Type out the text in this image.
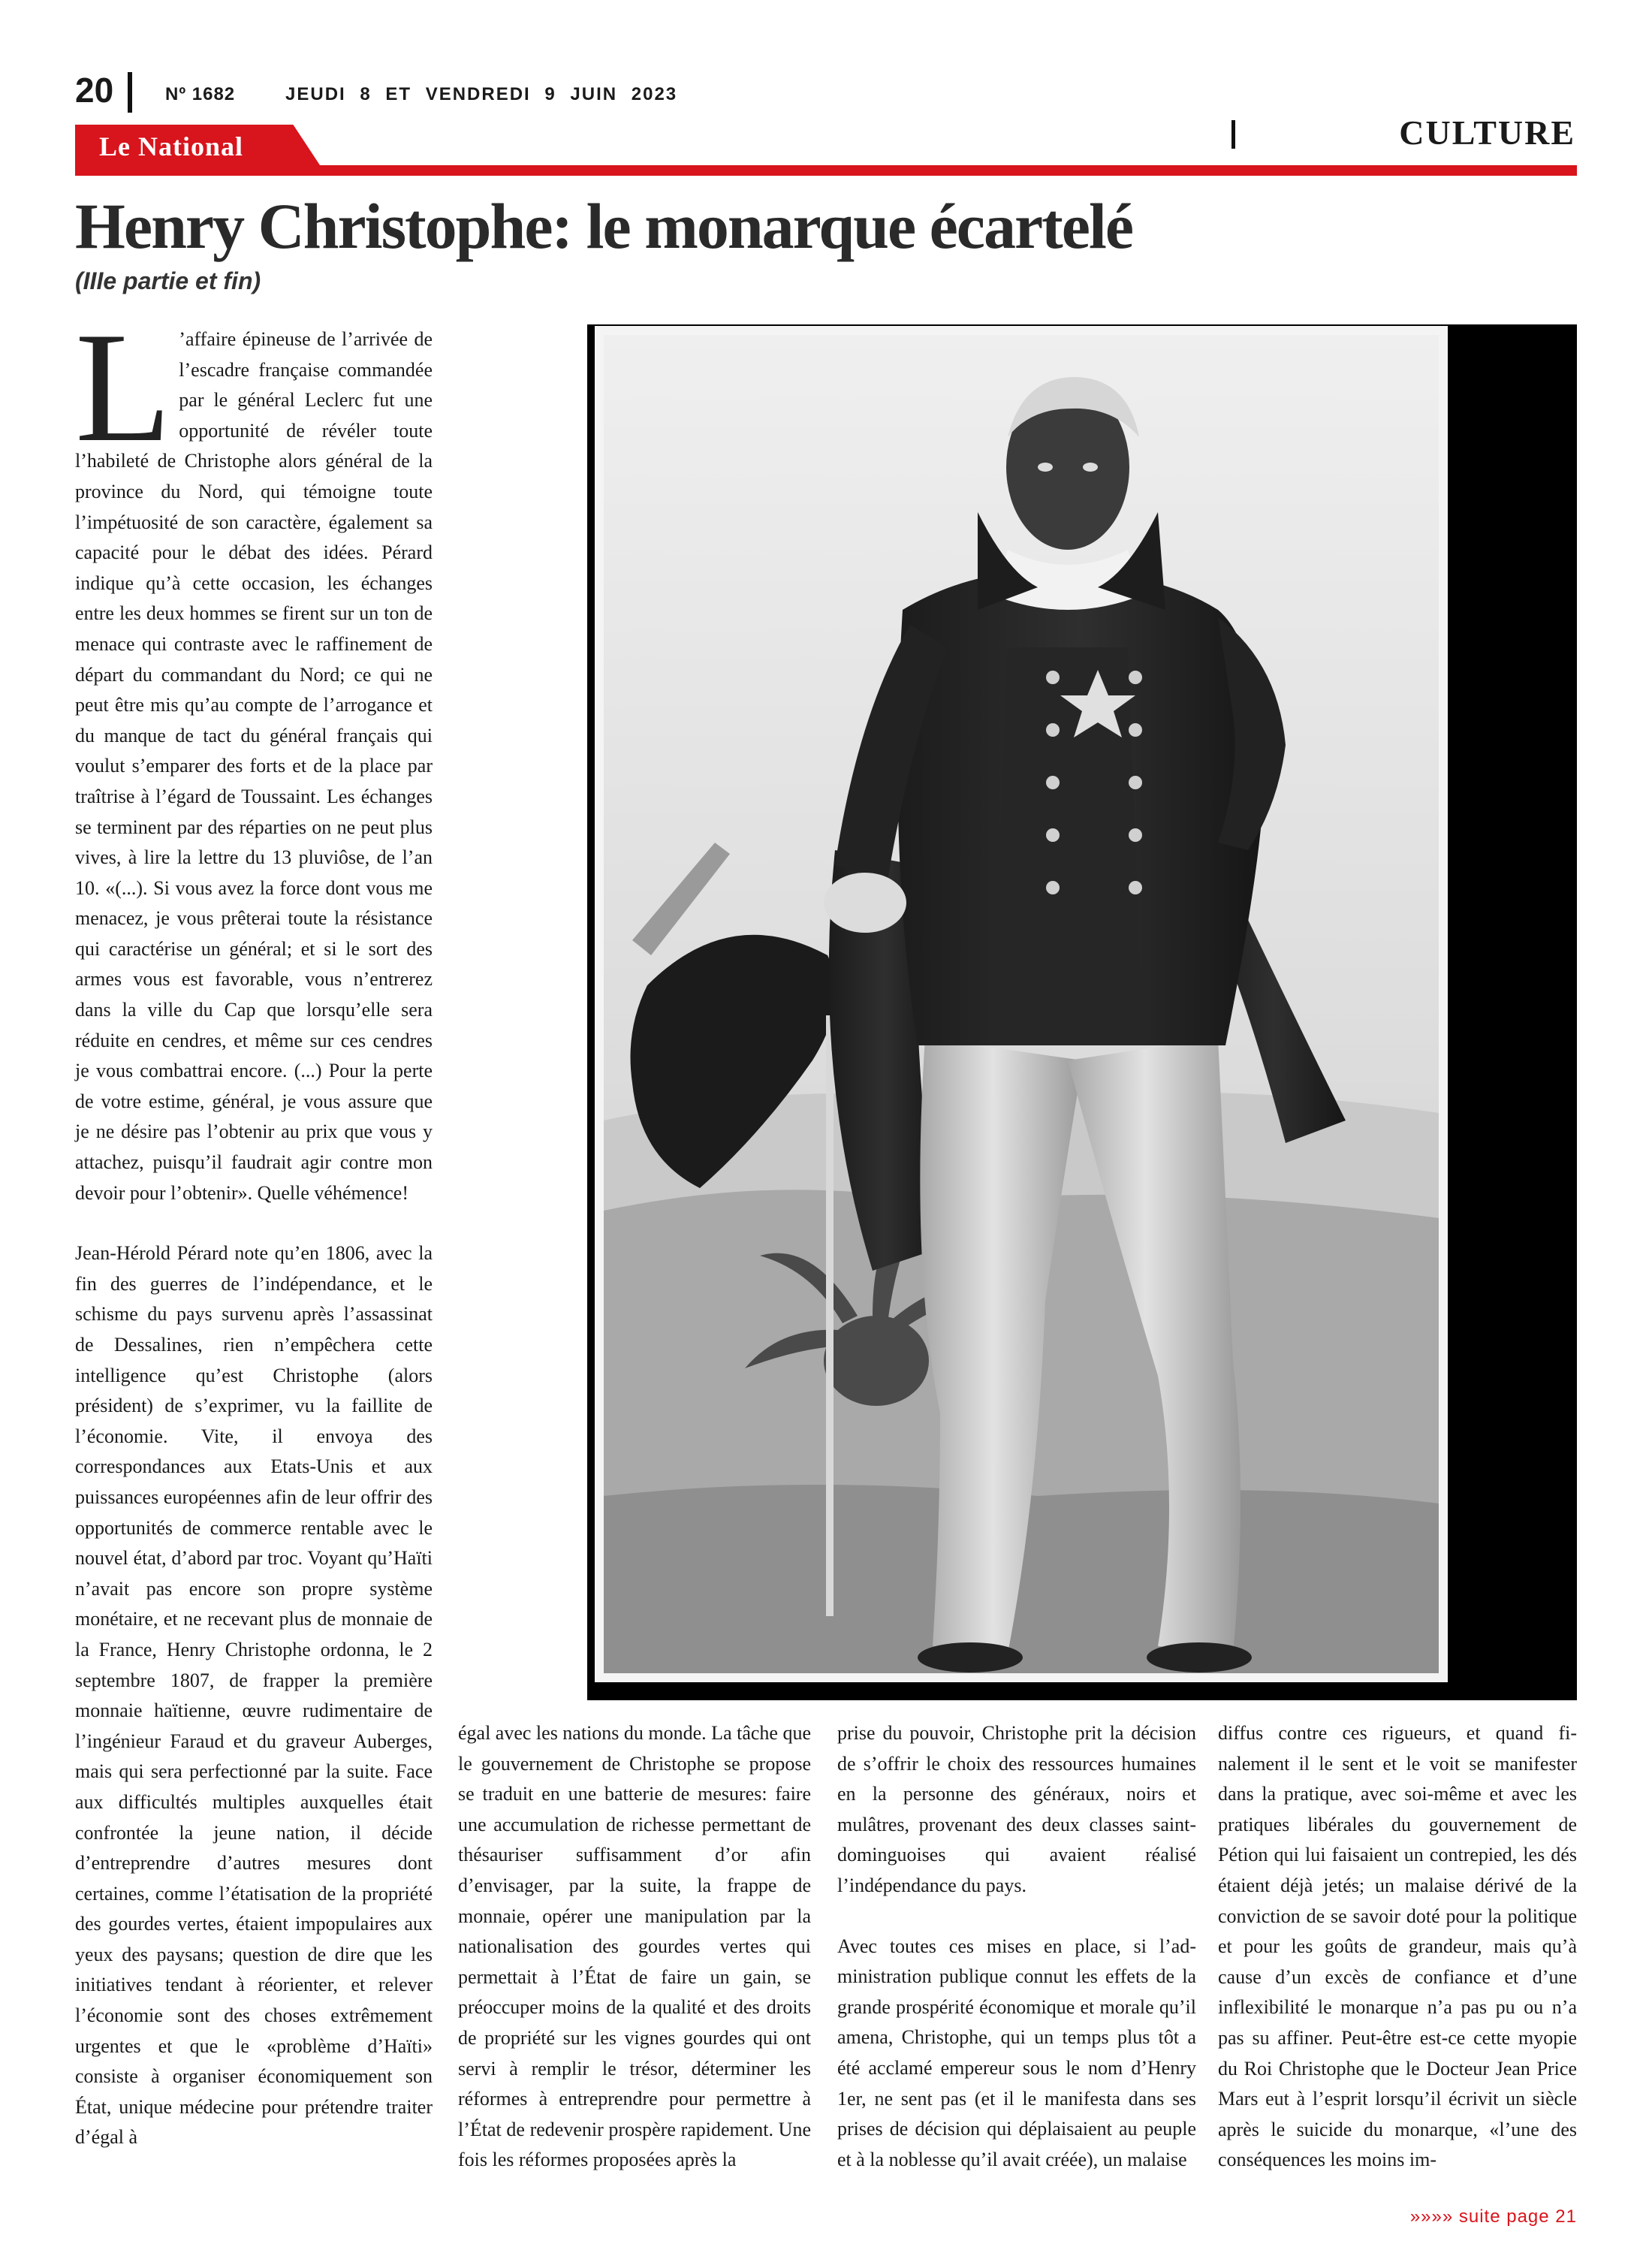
20	Nº 1682	JEUDI 8 ET VENDREDI 9 JUIN 2023
CULTURE
Le National
Henry Christophe: le monarque écartelé
(IIIe partie et fin)

L ’affaire épineuse de l’arrivée de l’escadre française commandée par le général Leclerc fut une opportunité de révéler toute l’habileté de Christophe alors général de la province du Nord, qui témoigne toute l’impétuosité de son caractère, également sa capacité pour le débat des idées. Pérard indique qu’à cette occasion, les échanges entre les deux hommes se firent sur un ton de menace qui contraste avec le raffinement de départ du commandant du Nord; ce qui ne peut être mis qu’au compte de l’arrogance et du manque de tact du général français qui voulut s’emparer des forts et de la place par traîtrise à l’égard de Toussaint. Les échanges se terminent par des réparties on ne peut plus vives, à lire la lettre du 13 pluviôse, de l’an 10. «(...). Si vous avez la force dont vous me menacez, je vous prêterai toute la résistance qui caractérise un général; et si le sort des armes vous est favorable, vous n’entrerez dans la ville du Cap que lorsqu’elle sera réduite en cendres, et même sur ces cendres je vous combattrai encore. (...) Pour la perte de votre estime, général, je vous assure que je ne désire pas l’obtenir au prix que vous y attachez, puisqu’il faudrait agir contre mon devoir pour l’obtenir». Quelle véhémence!

Jean-Hérold Pérard note qu’en 1806, avec la fin des guerres de l’indépendance, et le schisme du pays survenu après l’assassinat de Dessalines, rien n’empêchera cette intelligence qu’est Christophe (alors président) de s’exprimer, vu la faillite de l’économie. Vite, il envoya des correspondances aux Etats-Unis et aux puissances européennes afin de leur offrir des opportunités de commerce rentable avec le nouvel état, d’abord par troc. Voyant qu’Haïti n’avait pas encore son propre système monétaire, et ne recevant plus de monnaie de la France, Henry Christophe ordonna, le 2 septembre 1807, de frapper la première monnaie haïtienne, œuvre rudimentaire de l’ingénieur Faraud et du graveur Auberges, mais qui sera perfectionné par la suite. Face aux difficultés multiples auxquelles était confrontée la jeune nation, il décide d’entreprendre d’autres mesures dont certaines, comme l’étatisation de la propriété des gourdes vertes, étaient impopulaires aux yeux des paysans; question de dire que les initiatives tendant à réorienter, et relever l’économie sont des choses extrêmement urgentes et que le «problème d’Haïti» consiste à organiser économiquement son État, unique médecine pour prétendre traiter d’égal à

égal avec les nations du monde. La tâche que le gouvernement de Christophe se propose se traduit en une batterie de mesures: faire une accumulation de richesse permettant de thésauriser suffisamment d’or afin d’envisager, par la suite, la frappe de monnaie, opérer une manipulation par la nationalisation des gourdes vertes qui permettait à l’État de faire un gain, se préoccuper moins de la qualité et des droits de propriété sur les vignes gourdes qui ont servi à remplir le trésor, déterminer les réformes à entreprendre pour permettre à l’État de redevenir prospère rapidement. Une fois les réformes proposées après la

prise du pouvoir, Christophe prit la décision de s’offrir le choix des ressources humaines en la personne des généraux, noirs et mulâtres, provenant des deux classes saint-dominguoises qui avaient réalisé l’indépendance du pays.

Avec toutes ces mises en place, si l’administration publique connut les effets de la grande prospérité économique et morale qu’il amena, Christophe, qui un temps plus tôt a été acclamé empereur sous le nom d’Henry 1er, ne sent pas (et il le manifesta dans ses prises de décision qui déplaisaient au peuple et à la noblesse qu’il avait créée), un malaise

diffus contre ces rigueurs, et quand finalement il le sent et le voit se manifester dans la pratique, avec soi-même et avec les pratiques libérales du gouvernement de Pétion qui lui faisaient un contrepied, les dés étaient déjà jetés; un malaise dérivé de la conviction de se savoir doté pour la politique et pour les goûts de grandeur, mais qu’à cause d’un excès de confiance et d’une inflexibilité le monarque n’a pas pu ou n’a pas su affiner. Peut-être est-ce cette myopie du Roi Christophe que le Docteur Jean Price Mars eut à l’esprit lorsqu’il écrivit un siècle après le suicide du monarque, «l’une des conséquences les moins im-

»»»» suite page 21
